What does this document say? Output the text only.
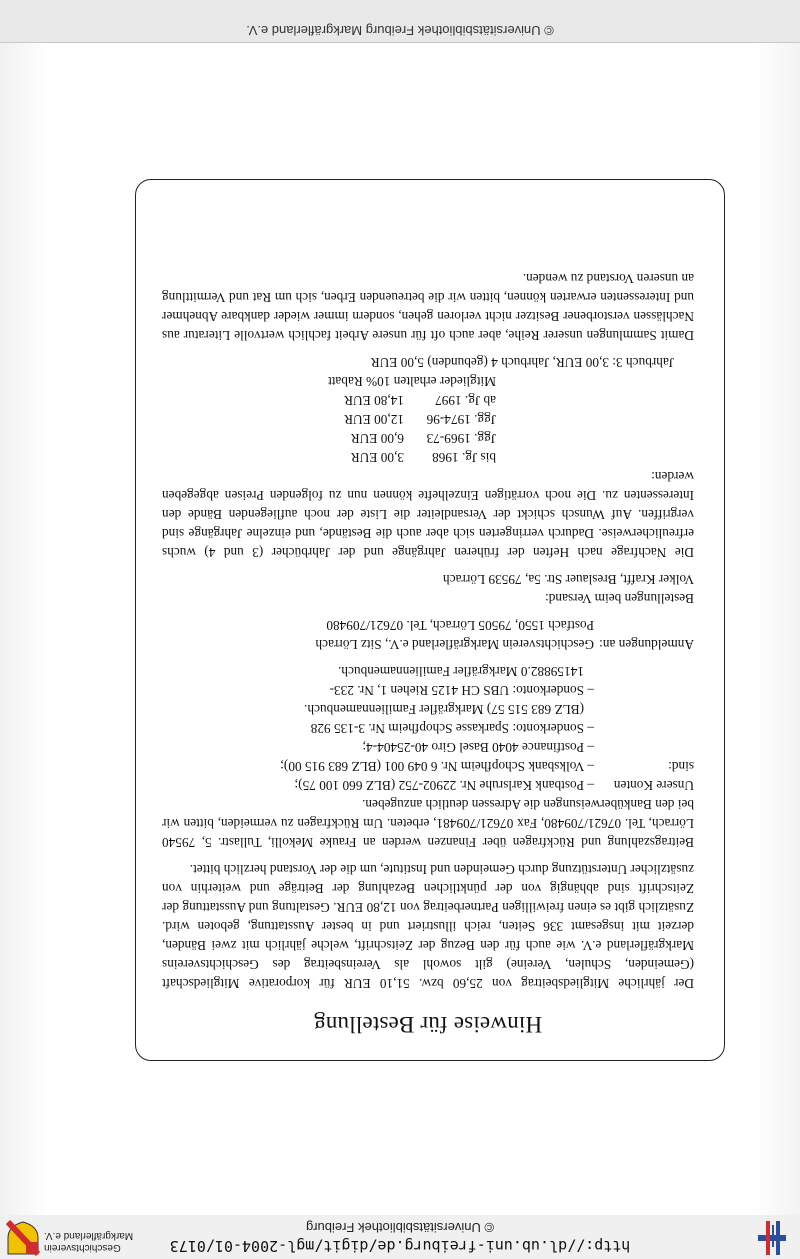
http://dl.ub.uni-freiburg.de/digit/mgl-2004-01/0173
© Universitätsbibliothek Freiburg
Geschichtsverein
Markgräflerland e.V.
Hinweise für Bestellung

Der jährliche Mitgliedsbeitrag von 25,60 bzw. 51,10 EUR für korporative Mitgliedschaft (Gemeinden, Schulen, Vereine) gilt sowohl als Vereinsbeitrag des Geschichtsvereins Markgräflerland e.V. wie auch für den Bezug der Zeitschrift, welche jährlich mit zwei Bänden, derzeit mit insgesamt 336 Seiten, reich illustriert und in bester Ausstattung, geboten wird. Zusätzlich gibt es einen freiwilligen Partnerbeitrag von 12,80 EUR. Gestaltung und Ausstattung der Zeitschrift sind abhängig von der pünktlichen Bezahlung der Beiträge und weiterhin von zusätzlicher Unterstützung durch Gemeinden und Institute, um die der Vorstand herzlich bittet.

Beitragszahlung und Rückfragen über Finanzen werden an Frauke Mekolli, Tullastr. 5, 79540 Lörrach, Tel. 07621/709480, Fax 07621/709481, erbeten. Um Rückfragen zu vermeiden, bitten wir bei den Banküberweisungen die Adressen deutlich anzugeben.

Unsere Konten sind:
– Postbank Karlsruhe Nr. 22902-752 (BLZ 660 100 75);
– Volksbank Schopfheim Nr. 6 049 001 (BLZ 683 915 00);
– Postfinance 4040 Basel Giro 40-25404-4;
– Sonderkonto: Sparkasse Schopfheim Nr. 3-135 928
(BLZ 683 515 57) Markgräfler Familiennamenbuch.
– Sonderkonto: UBS CH 4125 Riehen 1, Nr. 233-
14159882.0 Markgräfler Familiennamenbuch.
Anmeldungen an:
Geschichtsverein Markgräflerland e.V., Sitz Lörrach
Postfach 1550, 79505 Lörrach, Tel. 07621/709480
Bestellungen beim Versand:
Volker Krafft, Breslauer Str. 5a, 79539 Lörrach

Die Nachfrage nach Heften der früheren Jahrgänge und der Jahrbücher (3 und 4) wuchs erfreulicherweise. Dadurch verringerten sich aber auch die Bestände, und einzelne Jahrgänge sind vergriffen. Auf Wunsch schickt der Versandleiter die Liste der noch aufliegenden Bände den Interessenten zu. Die noch vorrätigen Einzelhefte können nun zu folgenden Preisen abgegeben werden:

bis Jg. 1968
3,00 EUR
Jgg. 1969-73
6,00 EUR
Jgg. 1974-96
12,00 EUR
ab Jg. 1997
14,80 EUR
Mitglieder erhalten 10% Rabatt
Jahrbuch 3: 3,00 EUR, Jahrbuch 4 (gebunden) 5,00 EUR

Damit Sammlungen unserer Reihe, aber auch oft für unsere Arbeit fachlich wertvolle Literatur aus Nachlässen verstorbener Besitzer nicht verloren gehen, sondern immer wieder dankbare Abnehmer und Interessenten erwarten können, bitten wir die betreuenden Erben, sich um Rat und Vermittlung an unseren Vorstand zu wenden.

© Universitätsbibliothek Freiburg Markgräflerland e.V.
